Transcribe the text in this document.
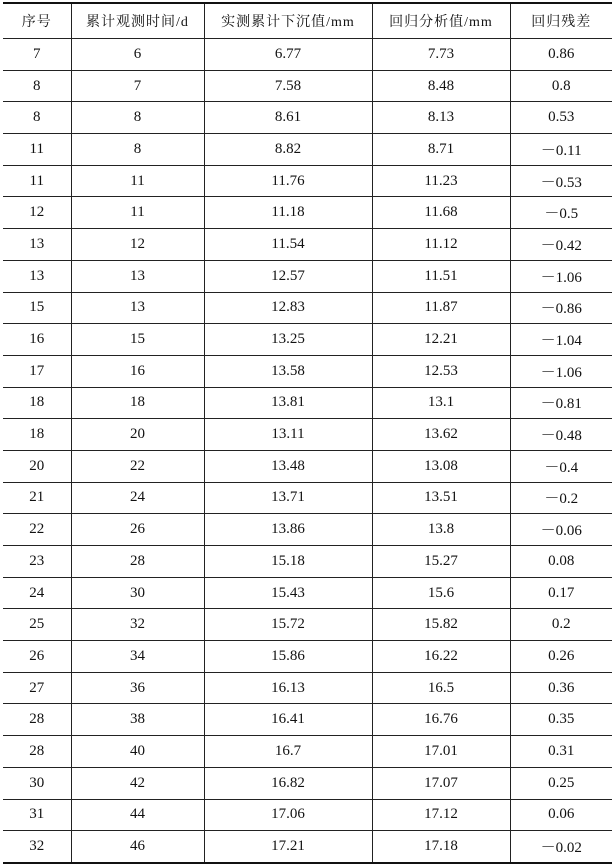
序号	累计观测时间/d	实测累计下沉值/mm	回归分析值/mm	回归残差
7	6	6.77	7.73	0.86
8	7	7.58	8.48	0.8
8	8	8.61	8.13	0.53
11	8	8.82	8.71	－0.11
11	11	11.76	11.23	－0.53
12	11	11.18	11.68	－0.5
13	12	11.54	11.12	－0.42
13	13	12.57	11.51	－1.06
15	13	12.83	11.87	－0.86
16	15	13.25	12.21	－1.04
17	16	13.58	12.53	－1.06
18	18	13.81	13.1	－0.81
18	20	13.11	13.62	－0.48
20	22	13.48	13.08	－0.4
21	24	13.71	13.51	－0.2
22	26	13.86	13.8	－0.06
23	28	15.18	15.27	0.08
24	30	15.43	15.6	0.17
25	32	15.72	15.82	0.2
26	34	15.86	16.22	0.26
27	36	16.13	16.5	0.36
28	38	16.41	16.76	0.35
28	40	16.7	17.01	0.31
30	42	16.82	17.07	0.25
31	44	17.06	17.12	0.06
32	46	17.21	17.18	－0.02
